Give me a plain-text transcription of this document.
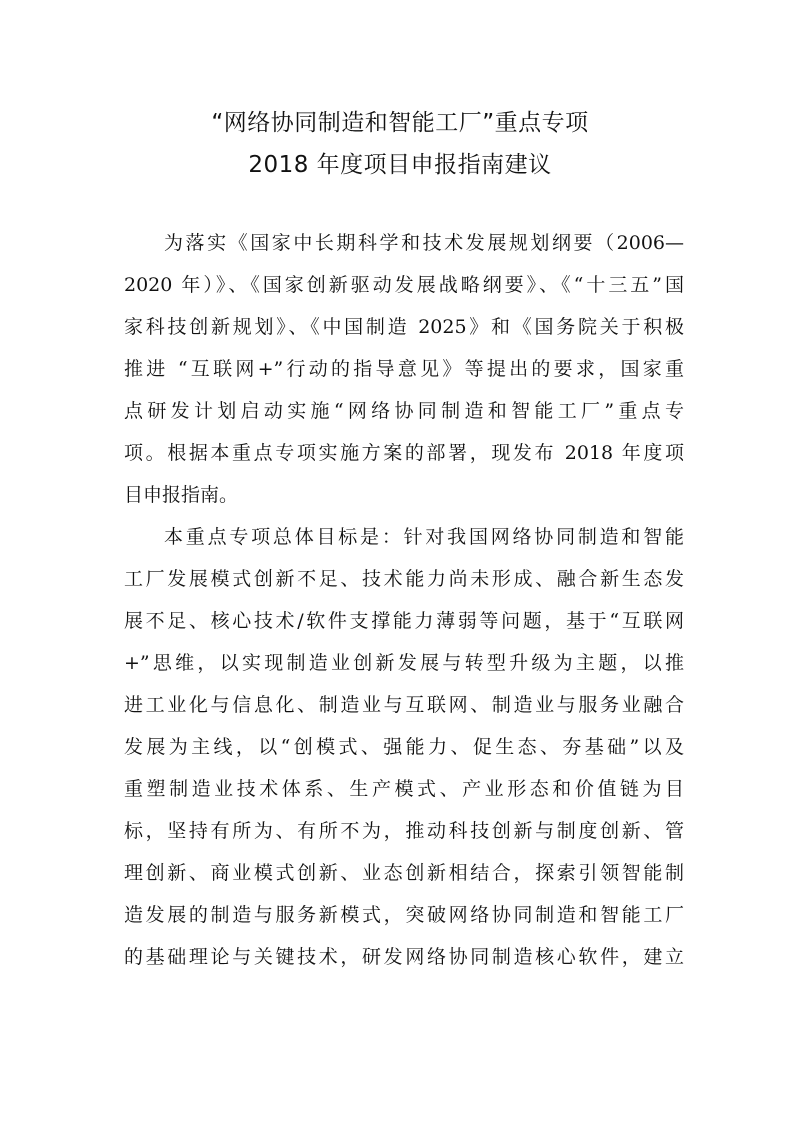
“网络协同制造和智能工厂”重点专项
2018 年度项目申报指南建议
为落实《国家中长期科学和技术发展规划纲要（2006—
2020 年）》、《国家创新驱动发展战略纲要》、《“十三五”国
家科技创新规划》、《中国制造 2025》和《国务院关于积极
推进 “互联网+”行动的指导意见》等提出的要求，国家重
点研发计划启动实施“网络协同制造和智能工厂”重点专
项。根据本重点专项实施方案的部署，现发布 2018 年度项
目申报指南。
本重点专项总体目标是：针对我国网络协同制造和智能
工厂发展模式创新不足、技术能力尚未形成、融合新生态发
展不足、核心技术/软件支撑能力薄弱等问题，基于“互联网
+”思维，以实现制造业创新发展与转型升级为主题，以推
进工业化与信息化、制造业与互联网、制造业与服务业融合
发展为主线，以“创模式、强能力、促生态、夯基础”以及
重塑制造业技术体系、生产模式、产业形态和价值链为目
标，坚持有所为、有所不为，推动科技创新与制度创新、管
理创新、商业模式创新、业态创新相结合，探索引领智能制
造发展的制造与服务新模式，突破网络协同制造和智能工厂
的基础理论与关键技术，研发网络协同制造核心软件，建立
